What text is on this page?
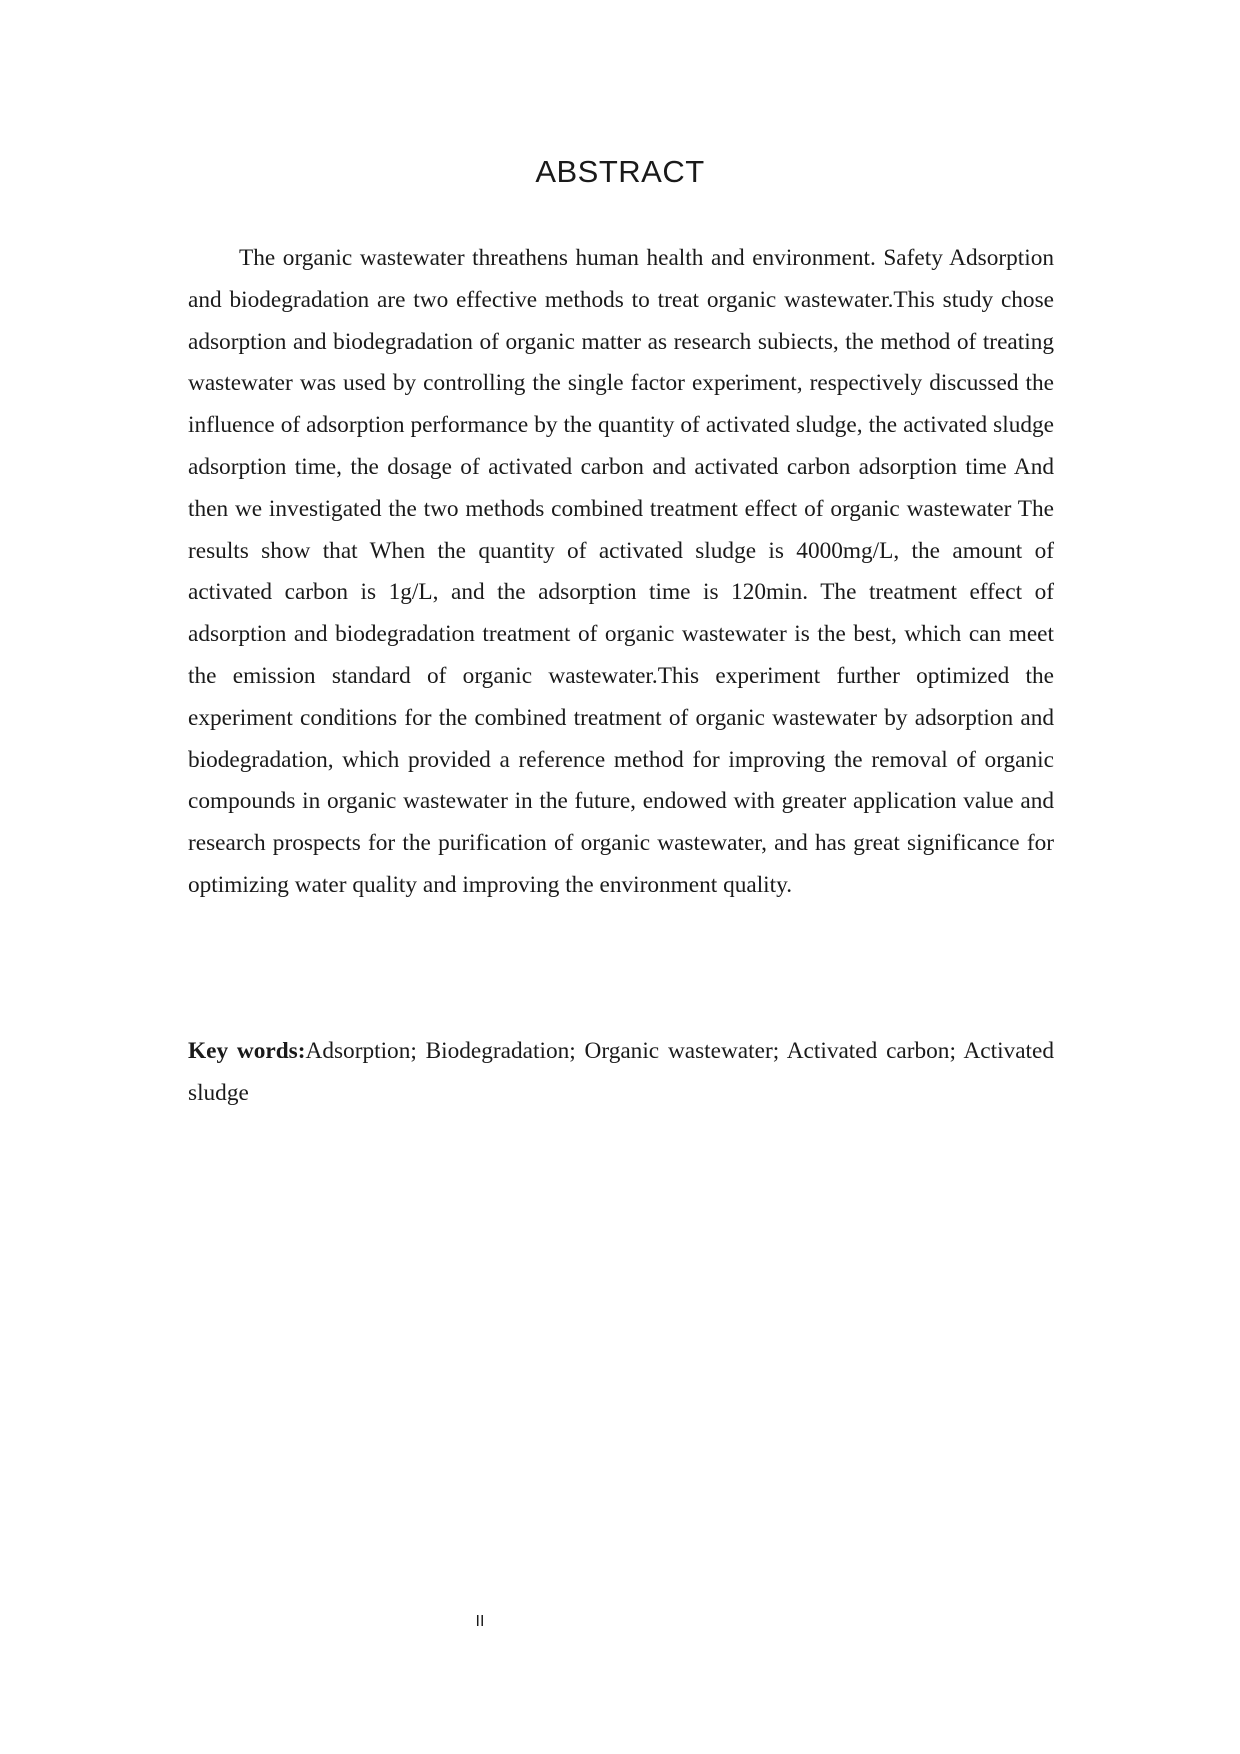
ABSTRACT

The organic wastewater threathens human health and environment. Safety Adsorption and biodegradation are two effective methods to treat organic wastewater.This study chose adsorption and biodegradation of organic matter as research subiects, the method of treating wastewater was used by controlling the single factor experiment, respectively discussed the influence of adsorption performance by the quantity of activated sludge, the activated sludge adsorption time, the dosage of activated carbon and activated carbon adsorption time And then we investigated the two methods combined treatment effect of organic wastewater The results show that When the quantity of activated sludge is 4000mg/L, the amount of activated carbon is 1g/L, and the adsorption time is 120min. The treatment effect of adsorption and biodegradation treatment of organic wastewater is the best, which can meet the emission standard of organic wastewater.This experiment further optimized the experiment conditions for the combined treatment of organic wastewater by adsorption and biodegradation, which provided a reference method for improving the removal of organic compounds in organic wastewater in the future, endowed with greater application value and research prospects for the purification of organic wastewater, and has great significance for optimizing water quality and improving the environment quality.

Key words:Adsorption; Biodegradation; Organic wastewater; Activated carbon; Activated sludge

II
